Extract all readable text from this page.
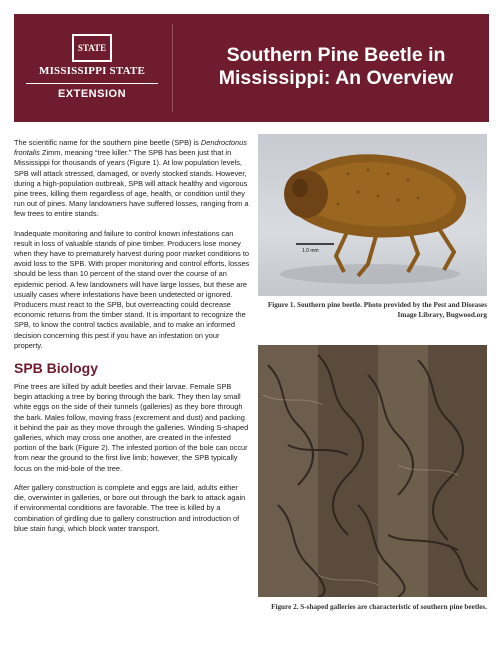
STATE
MISSISSIPPI STATE
EXTENSION
Southern Pine Beetle in Mississippi: An Overview

The scientific name for the southern pine beetle (SPB) is Dendroctonus frontalis Zimm, meaning “tree killer.” The SPB has been just that in Mississippi for thousands of years (Figure 1). At low population levels, SPB will attack stressed, damaged, or overly stocked stands. However, during a high-population outbreak, SPB will attack healthy and vigorous pine trees, killing them regardless of age, health, or condition until they run out of pines. Many landowners have suffered losses, ranging from a few trees to entire stands.

Inadequate monitoring and failure to control known infestations can result in loss of valuable stands of pine timber. Producers lose money when they have to prematurely harvest during poor market conditions to avoid loss to the SPB. With proper monitoring and control efforts, losses should be less than 10 percent of the stand over the course of an epidemic period. A few landowners will have large losses, but these are usually cases where infestations have been undetected or ignored. Producers must react to the SPB, but overreacting could decrease economic returns from the timber stand. It is important to recognize the SPB, to know the control tactics available, and to make an informed decision concerning this pest if you have an infestation on your property.

SPB Biology

Pine trees are killed by adult beetles and their larvae. Female SPB begin attacking a tree by boring through the bark. They then lay small white eggs on the side of their tunnels (galleries) as they bore through the bark. Males follow, moving frass (excrement and dust) and packing it behind the pair as they move through the galleries. Winding S-shaped galleries, which may cross one another, are created in the infested portion of the bark (Figure 2). The infested portion of the bole can occur from near the ground to the first live limb; however, the SPB typically focus on the mid-bole of the tree.

After gallery construction is complete and eggs are laid, adults either die, overwinter in galleries, or bore out through the bark to attack again if environmental conditions are favorable. The tree is killed by a combination of girdling due to gallery construction and introduction of blue stain fungi, which block water transport.

1.0 mm
Figure 1. Southern pine beetle. Photo provided by the Pest and Diseases Image Library, Bugwood.org
Figure 2. S-shaped galleries are characteristic of southern pine beetles.
